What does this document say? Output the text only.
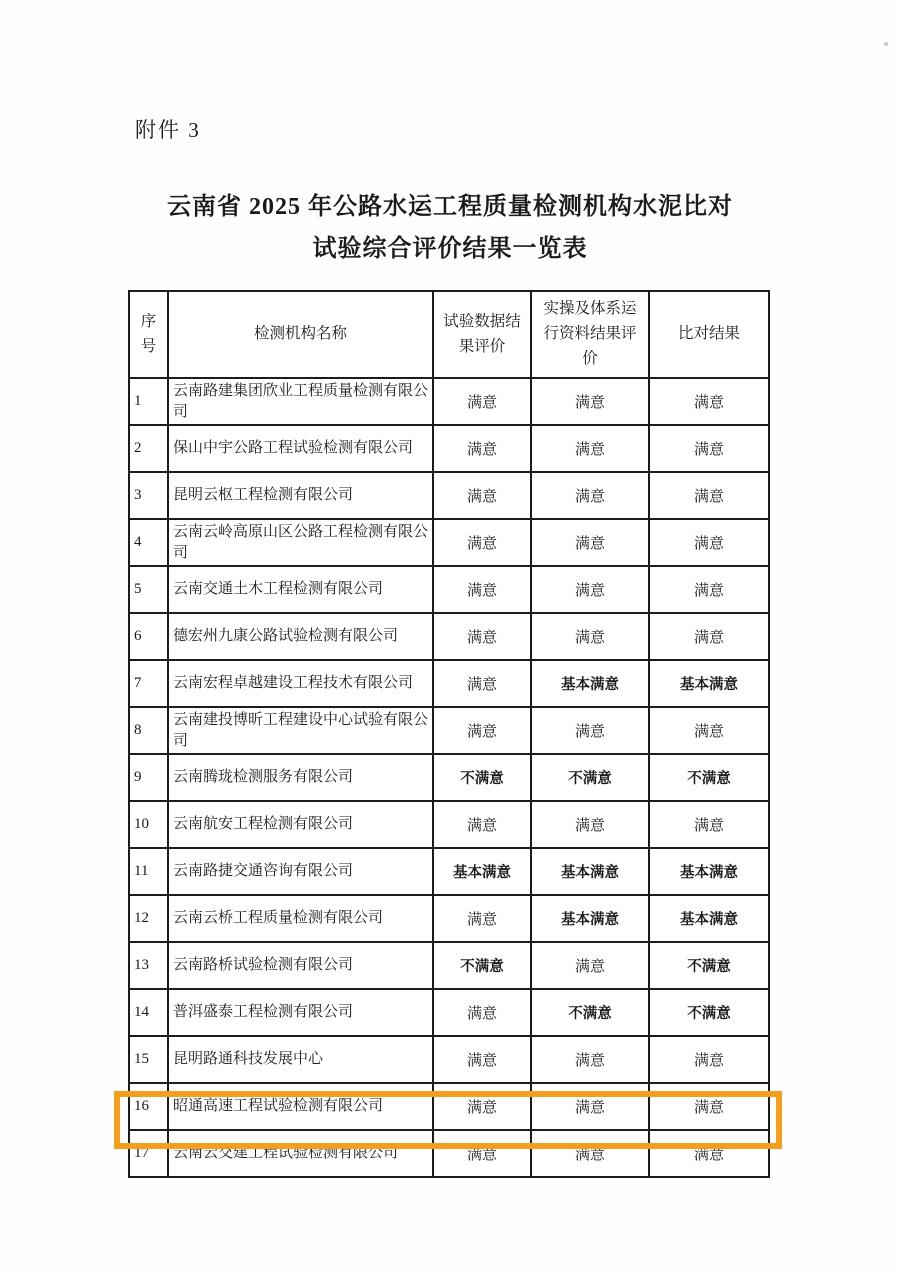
附件 3
云南省 2025 年公路水运工程质量检测机构水泥比对
试验综合评价结果一览表
序号	检测机构名称	试验数据结果评价	实操及体系运行资料结果评价	比对结果
1	云南路建集团欣业工程质量检测有限公司	满意	满意	满意
2	保山中宇公路工程试验检测有限公司	满意	满意	满意
3	昆明云枢工程检测有限公司	满意	满意	满意
4	云南云岭高原山区公路工程检测有限公司	满意	满意	满意
5	云南交通土木工程检测有限公司	满意	满意	满意
6	德宏州九康公路试验检测有限公司	满意	满意	满意
7	云南宏程卓越建设工程技术有限公司	满意	基本满意	基本满意
8	云南建投博昕工程建设中心试验有限公司	满意	满意	满意
9	云南腾珑检测服务有限公司	不满意	不满意	不满意
10	云南航安工程检测有限公司	满意	满意	满意
11	云南路捷交通咨询有限公司	基本满意	基本满意	基本满意
12	云南云桥工程质量检测有限公司	满意	基本满意	基本满意
13	云南路桥试验检测有限公司	不满意	满意	不满意
14	普洱盛泰工程检测有限公司	满意	不满意	不满意
15	昆明路通科技发展中心	满意	满意	满意
16	昭通高速工程试验检测有限公司	满意	满意	满意
17	云南云交建工程试验检测有限公司	满意	满意	满意
